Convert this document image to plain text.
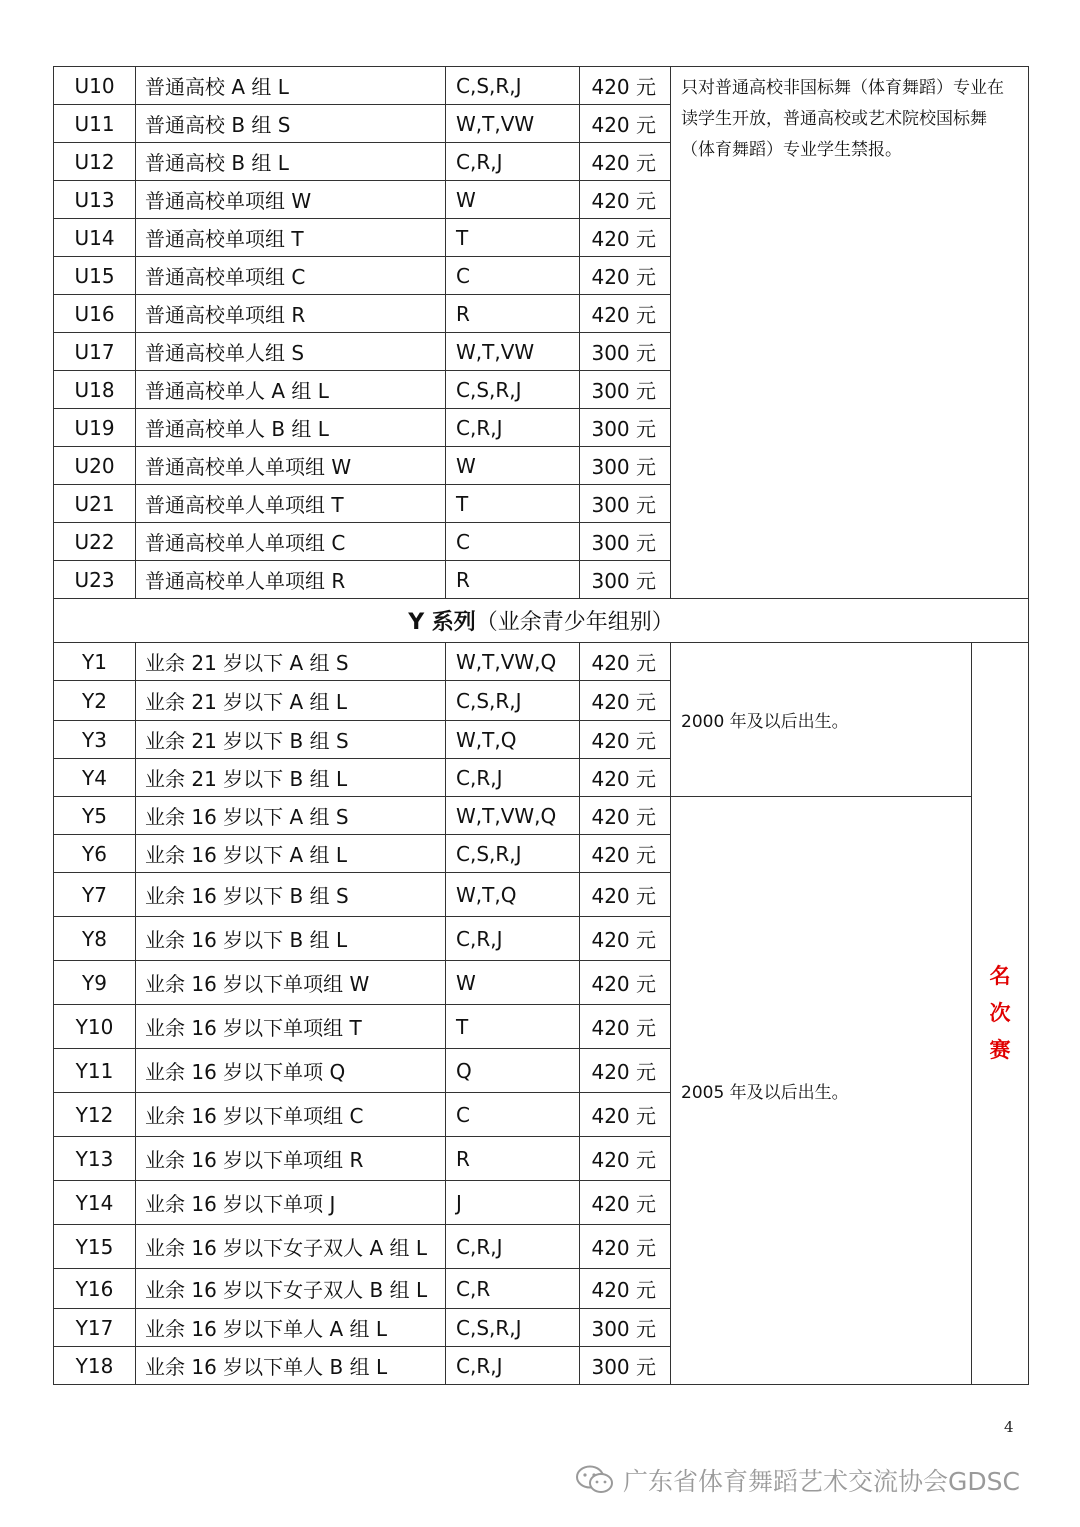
U10	普通高校 A 组 L	C,S,R,J	420 元	只对普通高校非国标舞（体育舞蹈）专业在读学生开放，普通高校或艺术院校国标舞（体育舞蹈）专业学生禁报。	
U11	普通高校 B 组 S	W,T,VW	420 元		
U12	普通高校 B 组 L	C,R,J	420 元		
U13	普通高校单项组 W	W	420 元		
U14	普通高校单项组 T	T	420 元		
U15	普通高校单项组 C	C	420 元		
U16	普通高校单项组 R	R	420 元		
U17	普通高校单人组 S	W,T,VW	300 元		
U18	普通高校单人 A 组 L	C,S,R,J	300 元		
U19	普通高校单人 B 组 L	C,R,J	300 元		
U20	普通高校单人单项组 W	W	300 元		
U21	普通高校单人单项组 T	T	300 元		
U22	普通高校单人单项组 C	C	300 元		
U23	普通高校单人单项组 R	R	300 元		
Y 系列（业余青少年组别）					
Y1	业余 21 岁以下 A 组 S	W,T,VW,Q	420 元	2000 年及以后出生。	名
次
赛

Y2	业余 21 岁以下 A 组 L	C,S,R,J	420 元		
Y3	业余 21 岁以下 B 组 S	W,T,Q	420 元		
Y4	业余 21 岁以下 B 组 L	C,R,J	420 元		
Y5	业余 16 岁以下 A 组 S	W,T,VW,Q	420 元	2005 年及以后出生。	
Y6	业余 16 岁以下 A 组 L	C,S,R,J	420 元		
Y7	业余 16 岁以下 B 组 S	W,T,Q	420 元		
Y8	业余 16 岁以下 B 组 L	C,R,J	420 元		
Y9	业余 16 岁以下单项组 W	W	420 元		
Y10	业余 16 岁以下单项组 T	T	420 元		
Y11	业余 16 岁以下单项 Q	Q	420 元		
Y12	业余 16 岁以下单项组 C	C	420 元		
Y13	业余 16 岁以下单项组 R	R	420 元		
Y14	业余 16 岁以下单项 J	J	420 元		
Y15	业余 16 岁以下女子双人 A 组 L	C,R,J	420 元		
Y16	业余 16 岁以下女子双人 B 组 L	C,R	420 元		
Y17	业余 16 岁以下单人 A 组 L	C,S,R,J	300 元		
Y18	业余 16 岁以下单人 B 组 L	C,R,J	300 元		
4
广东省体育舞蹈艺术交流协会GDSC
